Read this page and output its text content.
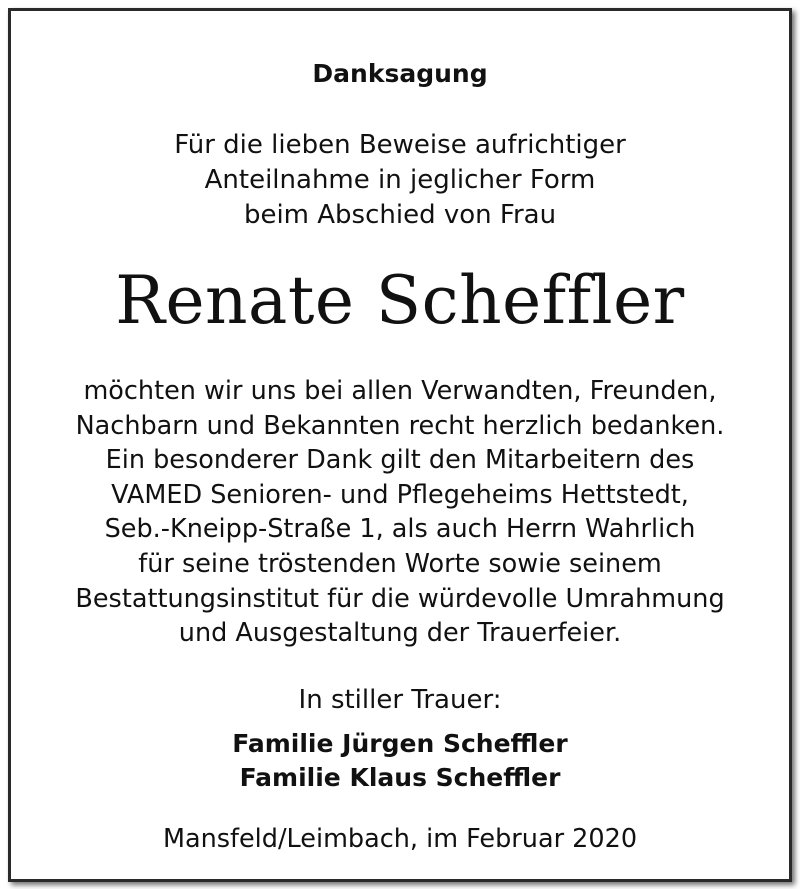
Danksagung
Für die lieben Beweise aufrichtiger
Anteilnahme in jeglicher Form
beim Abschied von Frau
Renate Scheffler
möchten wir uns bei allen Verwandten, Freunden,
Nachbarn und Bekannten recht herzlich bedanken.
Ein besonderer Dank gilt den Mitarbeitern des
VAMED Senioren- und Pflegeheims Hettstedt,
Seb.-Kneipp-Straße 1, als auch Herrn Wahrlich
für seine tröstenden Worte sowie seinem
Bestattungsinstitut für die würdevolle Umrahmung
und Ausgestaltung der Trauerfeier.
In stiller Trauer:
Familie Jürgen Scheffler
Familie Klaus Scheffler
Mansfeld/Leimbach, im Februar 2020
